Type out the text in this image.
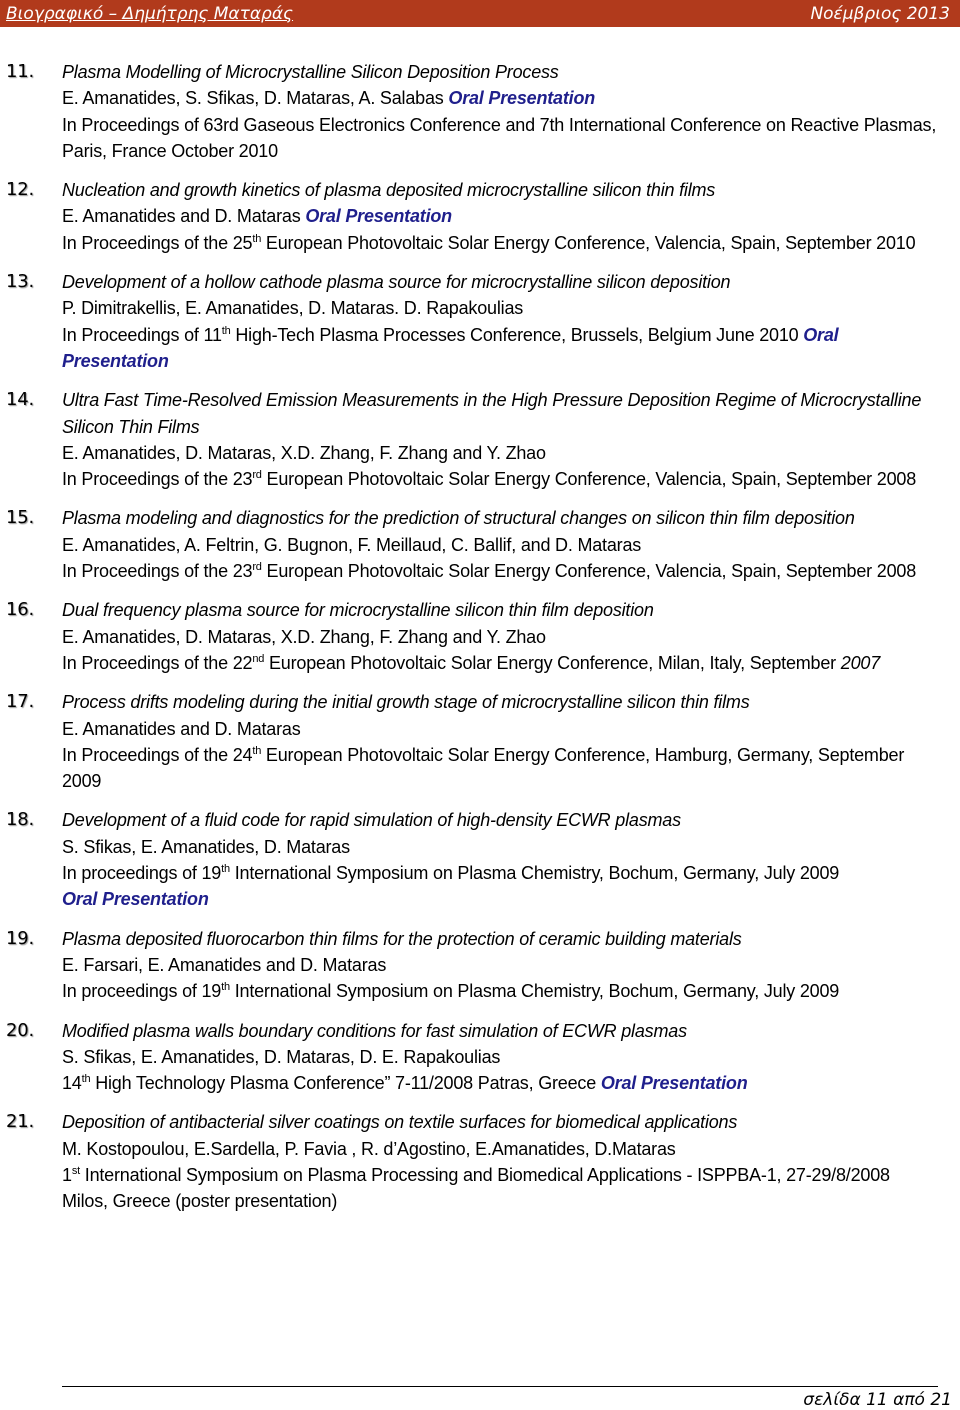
Βιογραφικό – Δημήτρης Ματαράς	Νοέμβριος 2013
11.	Plasma Modelling of Microcrystalline Silicon Deposition Process
E. Amanatides, S. Sfikas, D. Mataras, A. Salabas Oral Presentation
In Proceedings of 63rd Gaseous Electronics Conference and 7th International Conference on Reactive Plasmas, Paris, France October 2010
12.	Nucleation and growth kinetics of plasma deposited microcrystalline silicon thin films
E. Amanatides and D. Mataras Oral Presentation
In Proceedings of the 25th European Photovoltaic Solar Energy Conference, Valencia, Spain, September 2010
13.	Development of a hollow cathode plasma source for microcrystalline silicon deposition
P. Dimitrakellis, E. Amanatides, D. Mataras. D. Rapakoulias
In Proceedings of 11th High-Tech Plasma Processes Conference, Brussels, Belgium June 2010 Oral Presentation
14.	Ultra Fast Time-Resolved Emission Measurements in the High Pressure Deposition Regime of Microcrystalline Silicon Thin Films
E. Amanatides, D. Mataras, X.D. Zhang, F. Zhang and Y. Zhao
In Proceedings of the 23rd European Photovoltaic Solar Energy Conference, Valencia, Spain, September 2008
15.	Plasma modeling and diagnostics for the prediction of structural changes on silicon thin film deposition
E. Amanatides, A. Feltrin, G. Bugnon, F. Meillaud, C. Ballif, and D. Mataras
In Proceedings of the 23rd European Photovoltaic Solar Energy Conference, Valencia, Spain, September 2008
16.	Dual frequency plasma source for microcrystalline silicon thin film deposition
E. Amanatides, D. Mataras, X.D. Zhang, F. Zhang and Y. Zhao
In Proceedings of the 22nd European Photovoltaic Solar Energy Conference, Milan, Italy, September 2007
17.	Process drifts modeling during the initial growth stage of microcrystalline silicon thin films
E. Amanatides and D. Mataras
In Proceedings of the 24th European Photovoltaic Solar Energy Conference, Hamburg, Germany, September 2009
18.	Development of a fluid code for rapid simulation of high-density ECWR plasmas
S. Sfikas, E. Amanatides, D. Mataras
In proceedings of 19th International Symposium on Plasma Chemistry, Bochum, Germany, July 2009
Oral Presentation
19.	Plasma deposited fluorocarbon thin films for the protection of ceramic building materials
E. Farsari, E. Amanatides and D. Mataras
In proceedings of 19th International Symposium on Plasma Chemistry, Bochum, Germany, July 2009
20.	Modified plasma walls boundary conditions for fast simulation of ECWR plasmas
S. Sfikas, E. Amanatides, D. Mataras, D. E. Rapakoulias
14th High Technology Plasma Conference” 7-11/2008 Patras, Greece Oral Presentation
21.	Deposition of antibacterial silver coatings on textile surfaces for biomedical applications
M. Kostopoulou, E.Sardella, P. Favia , R. d’Agostino, E.Amanatides, D.Mataras
1st International Symposium on Plasma Processing and Biomedical Applications - ISPPBA-1, 27-29/8/2008 Milos, Greece (poster presentation)
σελίδα 11 από 21
